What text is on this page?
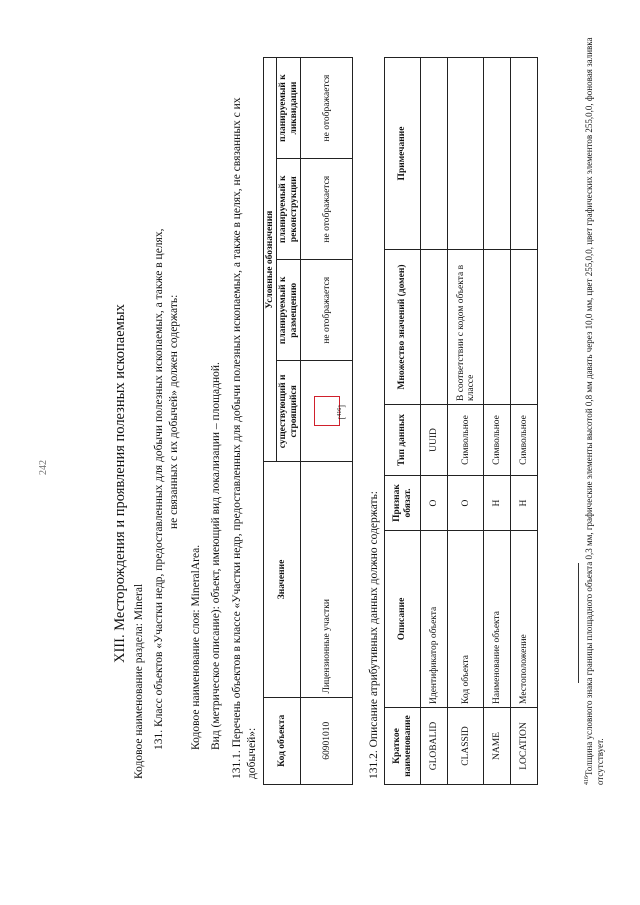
242	XIII. Месторождения и проявления полезных ископаемых
Кодовое наименование раздела: Mineral 131. Класс объектов «Участки недр, предоставленных для добычи полезных ископаемых, а также в целях, не связанных с их добычей» должен содержать:
Кодовое наименование слоя: MineralArea. Вид (метрическое описание): объект, имеющий вид локализации – площадной. 131.1. Перечень объектов в классе «Участки недр, предоставленных для добычи полезных ископаемых, а также в целях, не связанных с их добычей»: Код объекта	Значение	Условные обозначения			
		существующий и строящийся	планируемый к размещению	планируемый к реконструкции	планируемый к ликвидации
60901010	Лицензионные участки	[$^{416}$]	не отображается	не отображается	не отображается
131.2. Описание атрибутивных данных должно содержать: Краткое наименование	Описание	Признак обязат.	Тип данных	Множество значений (домен)	Примечание
GLOBALID	Идентификатор объекта	О	UUID		
CLASSID	Код объекта	О	Символьное	В соответствии с кодом объекта в классе	
NAME	Наименование объекта	Н	Символьное		
LOCATION	Местоположение	Н	Символьное		
$^{416}$Толщина условного знака границы площадного объекта 0,3 мм, графические элементы высотой 0,8 мм давать через 10,0 мм, цвет 255,0,0, цвет графических элементов 255,0,0, фоновая заливка отсутствует.
